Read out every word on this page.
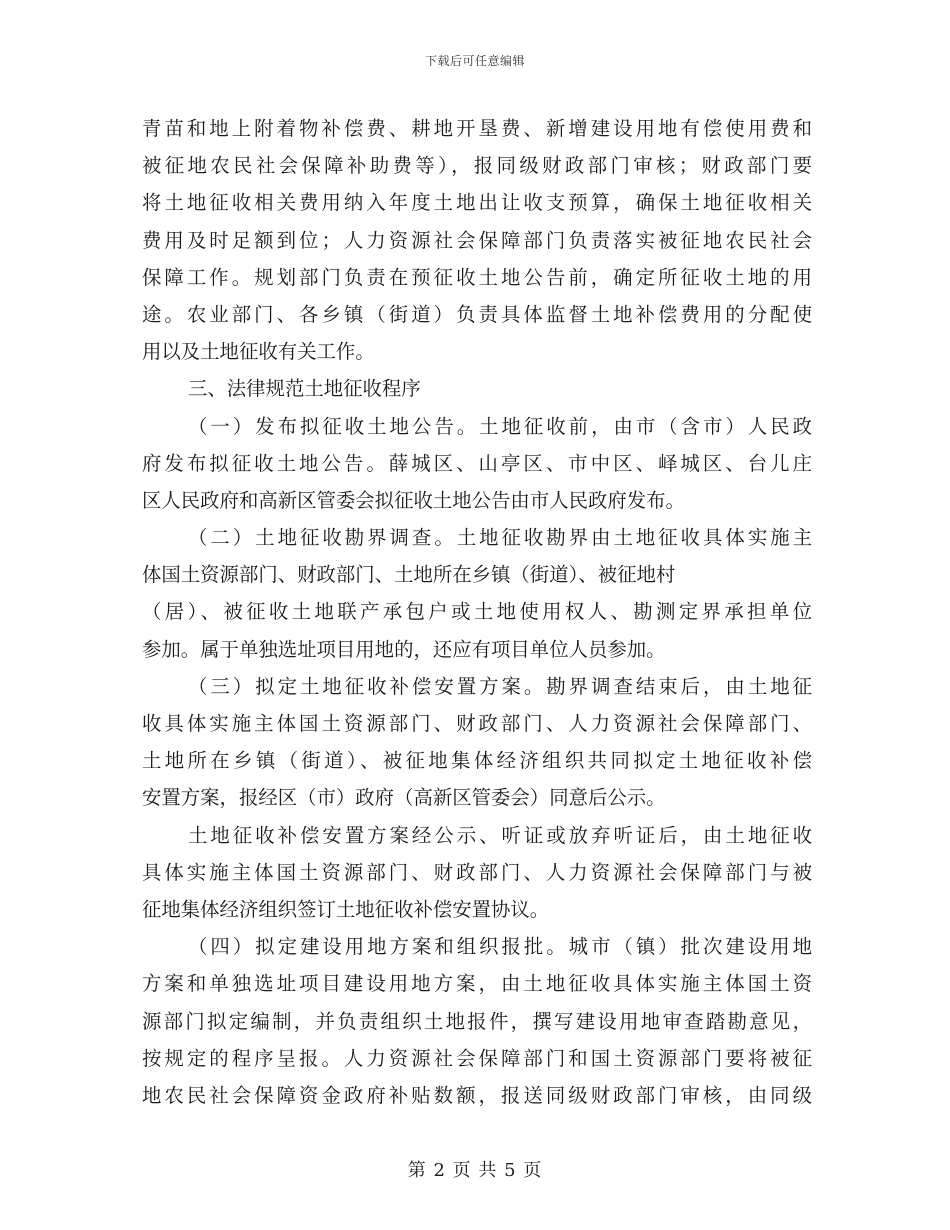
下载后可任意编辑
青苗和地上附着物补偿费、耕地开垦费、新增建设用地有偿使用费和
被征地农民社会保障补助费等），报同级财政部门审核；财政部门要
将土地征收相关费用纳入年度土地出让收支预算，确保土地征收相关
费用及时足额到位；人力资源社会保障部门负责落实被征地农民社会
保障工作。规划部门负责在预征收土地公告前，确定所征收土地的用
途。农业部门、各乡镇（街道）负责具体监督土地补偿费用的分配使
用以及土地征收有关工作。
三、法律规范土地征收程序
（一）发布拟征收土地公告。土地征收前，由市（含市）人民政
府发布拟征收土地公告。薛城区、山亭区、市中区、峄城区、台儿庄
区人民政府和高新区管委会拟征收土地公告由市人民政府发布。
（二）土地征收勘界调查。土地征收勘界由土地征收具体实施主
体国土资源部门、财政部门、土地所在乡镇（街道）、被征地村
（居）、被征收土地联产承包户或土地使用权人、勘测定界承担单位
参加。属于单独选址项目用地的，还应有项目单位人员参加。
（三）拟定土地征收补偿安置方案。勘界调查结束后，由土地征
收具体实施主体国土资源部门、财政部门、人力资源社会保障部门、
土地所在乡镇（街道）、被征地集体经济组织共同拟定土地征收补偿
安置方案，报经区（市）政府（高新区管委会）同意后公示。
土地征收补偿安置方案经公示、听证或放弃听证后，由土地征收
具体实施主体国土资源部门、财政部门、人力资源社会保障部门与被
征地集体经济组织签订土地征收补偿安置协议。
（四）拟定建设用地方案和组织报批。城市（镇）批次建设用地
方案和单独选址项目建设用地方案，由土地征收具体实施主体国土资
源部门拟定编制，并负责组织土地报件，撰写建设用地审查踏勘意见，
按规定的程序呈报。人力资源社会保障部门和国土资源部门要将被征
地农民社会保障资金政府补贴数额，报送同级财政部门审核，由同级
第 2 页 共 5 页
